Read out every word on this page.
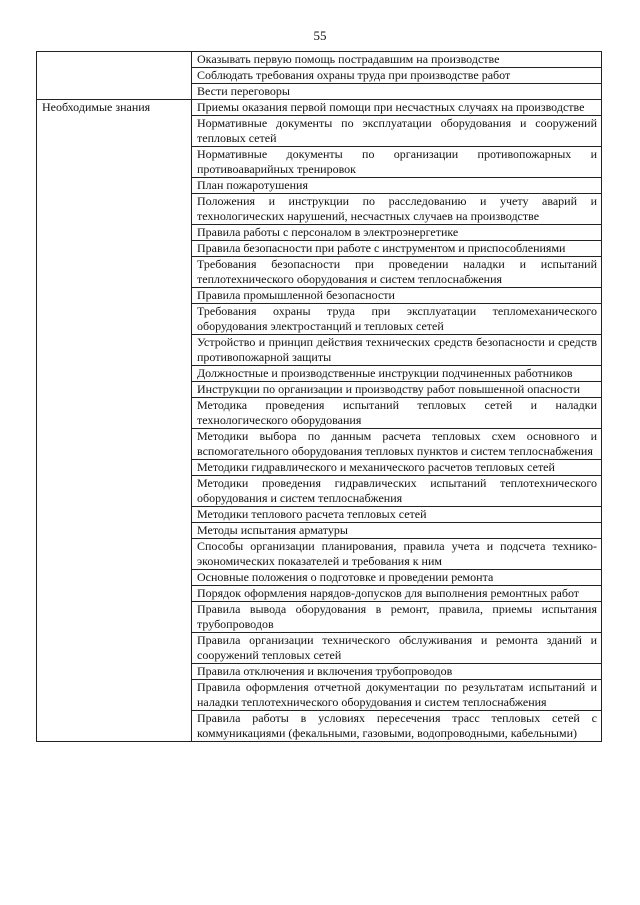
55
	Оказывать первую помощь пострадавшим на производстве
	Соблюдать требования охраны труда при производстве работ
	Вести переговоры
Необходимые знания	Приемы оказания первой помощи при несчастных случаях на производстве
	Нормативные документы по эксплуатации оборудования и сооружений тепловых сетей
	Нормативные документы по организации противопожарных и противоаварийных тренировок
	План пожаротушения
	Положения и инструкции по расследованию и учету аварий и технологических нарушений, несчастных случаев на производстве
	Правила работы с персоналом в электроэнергетике
	Правила безопасности при работе с инструментом и приспособлениями
	Требования безопасности при проведении наладки и испытаний теплотехнического оборудования и систем теплоснабжения
	Правила промышленной безопасности
	Требования охраны труда при эксплуатации тепломеханического оборудования электростанций и тепловых сетей
	Устройство и принцип действия технических средств безопасности и средств противопожарной защиты
	Должностные и производственные инструкции подчиненных работников
	Инструкции по организации и производству работ повышенной опасности
	Методика проведения испытаний тепловых сетей и наладки технологического оборудования
	Методики выбора по данным расчета тепловых схем основного и вспомогательного оборудования тепловых пунктов и систем теплоснабжения
	Методики гидравлического и механического расчетов тепловых сетей
	Методики проведения гидравлических испытаний теплотехнического оборудования и систем теплоснабжения
	Методики теплового расчета тепловых сетей
	Методы испытания арматуры
	Способы организации планирования, правила учета и подсчета технико-экономических показателей и требования к ним
	Основные положения о подготовке и проведении ремонта
	Порядок оформления нарядов-допусков для выполнения ремонтных работ
	Правила вывода оборудования в ремонт, правила, приемы испытания трубопроводов
	Правила организации технического обслуживания и ремонта зданий и сооружений тепловых сетей
	Правила отключения и включения трубопроводов
	Правила оформления отчетной документации по результатам испытаний и наладки теплотехнического оборудования и систем теплоснабжения
	Правила работы в условиях пересечения трасс тепловых сетей с коммуникациями (фекальными, газовыми, водопроводными, кабельными)
